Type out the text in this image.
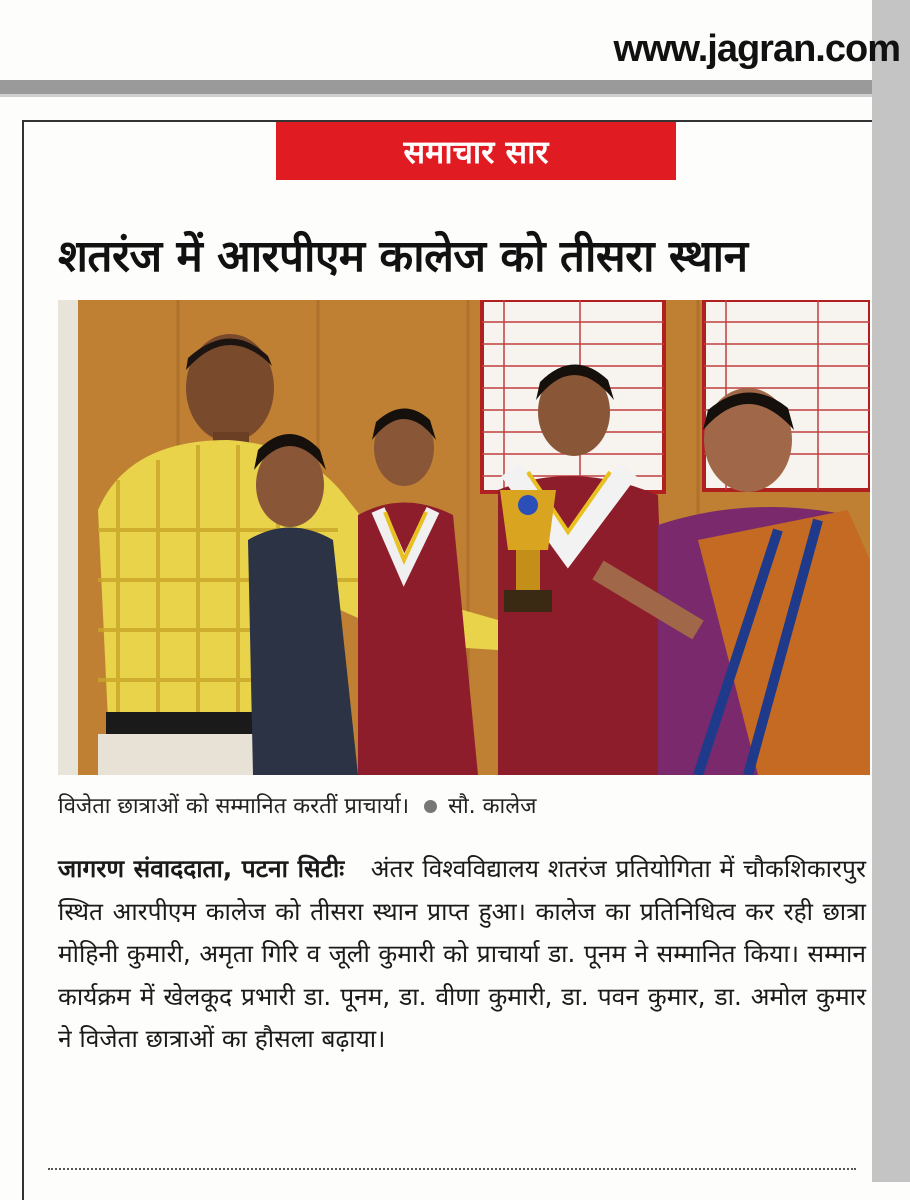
www.jagran.com
समाचार सार
शतरंज में आरपीएम कालेज को तीसरा स्थान
विजेता छात्राओं को सम्मानित करतीं प्राचार्या। सौ. कालेज
जागरण संवाददाता, पटना सिटीः अंतर विश्वविद्यालय शतरंज प्रतियोगिता में चौकशिकारपुर स्थित आरपीएम कालेज को तीसरा स्थान प्राप्त हुआ। कालेज का प्रतिनिधित्व कर रही छात्रा मोहिनी कुमारी, अमृता गिरि व जूली कुमारी को प्राचार्या डा. पूनम ने सम्मानित किया। सम्मान कार्यक्रम में खेलकूद प्रभारी डा. पूनम, डा. वीणा कुमारी, डा. पवन कुमार, डा. अमोल कुमार ने विजेता छात्राओं का हौसला बढ़ाया।
